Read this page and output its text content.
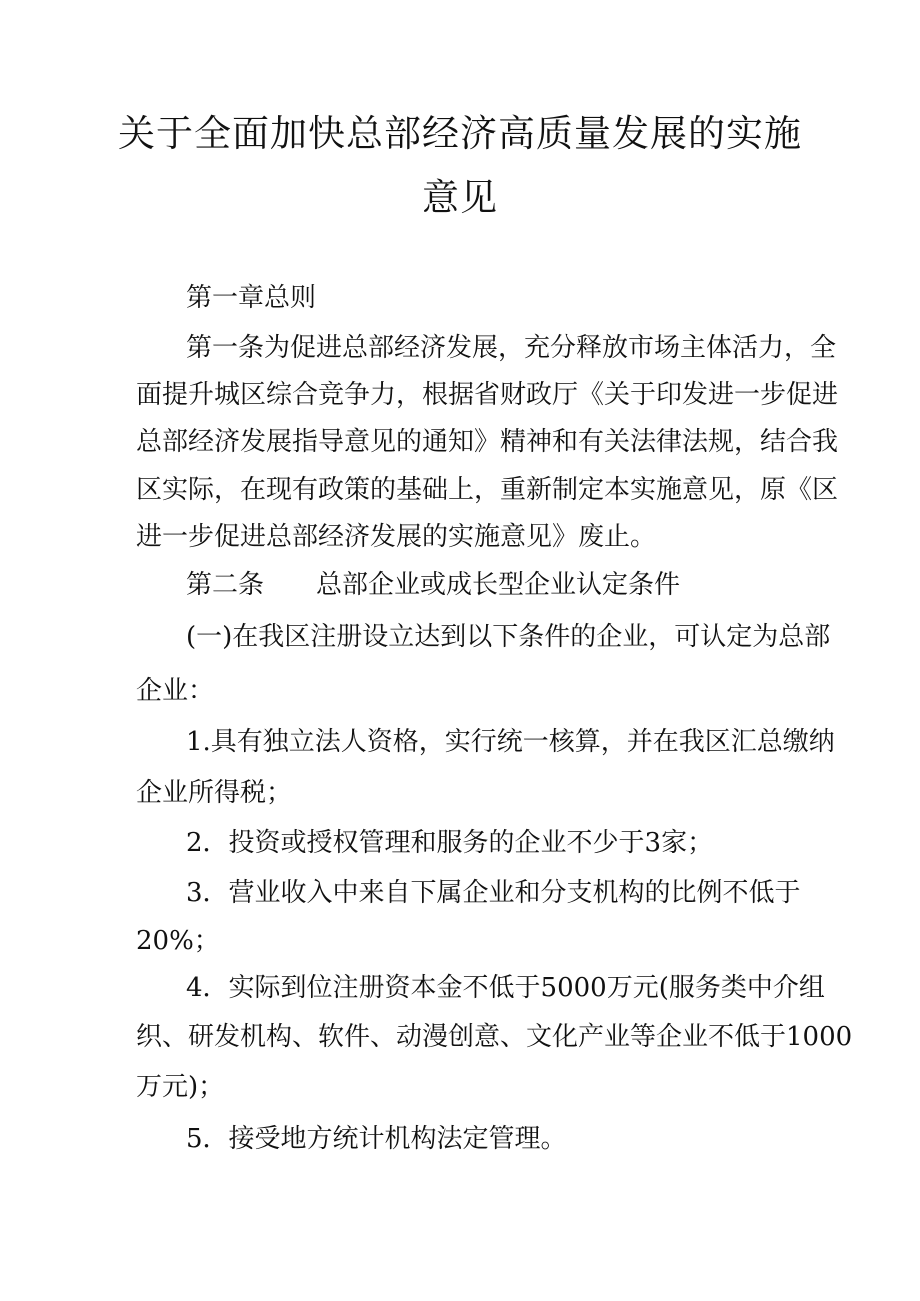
关于全面加快总部经济高质量发展的实施
意见
第一章总则
第一条为促进总部经济发展，充分释放市场主体活力，全
面提升城区综合竞争力，根据省财政厅《关于印发进一步促进
总部经济发展指导意见的通知》精神和有关法律法规，结合我
区实际，在现有政策的基础上，重新制定本实施意见，原《区
进一步促进总部经济发展的实施意见》废止。
第二条　　总部企业或成长型企业认定条件
(一)在我区注册设立达到以下条件的企业，可认定为总部
企业：
1.具有独立法人资格，实行统一核算，并在我区汇总缴纳
企业所得税；
2．投资或授权管理和服务的企业不少于3家；
3．营业收入中来自下属企业和分支机构的比例不低于
20%；
4．实际到位注册资本金不低于5000万元(服务类中介组
织、研发机构、软件、动漫创意、文化产业等企业不低于1000
万元)；
5．接受地方统计机构法定管理。
